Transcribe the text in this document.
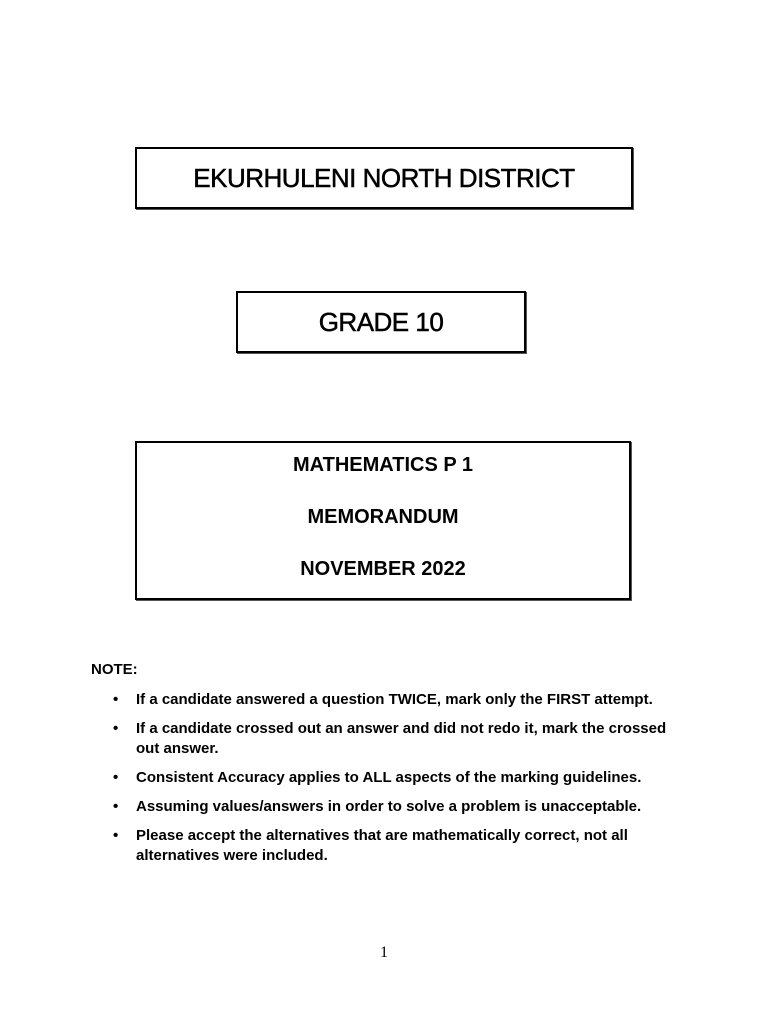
EKURHULENI NORTH DISTRICT
GRADE 10
MATHEMATICS P 1
MEMORANDUM
NOVEMBER 2022
NOTE:
• If a candidate answered a question TWICE, mark only the FIRST attempt.
• If a candidate crossed out an answer and did not redo it, mark the crossed out answer.
• Consistent Accuracy applies to ALL aspects of the marking guidelines.
• Assuming values/answers in order to solve a problem is unacceptable.
• Please accept the alternatives that are mathematically correct, not all alternatives were included.
1
